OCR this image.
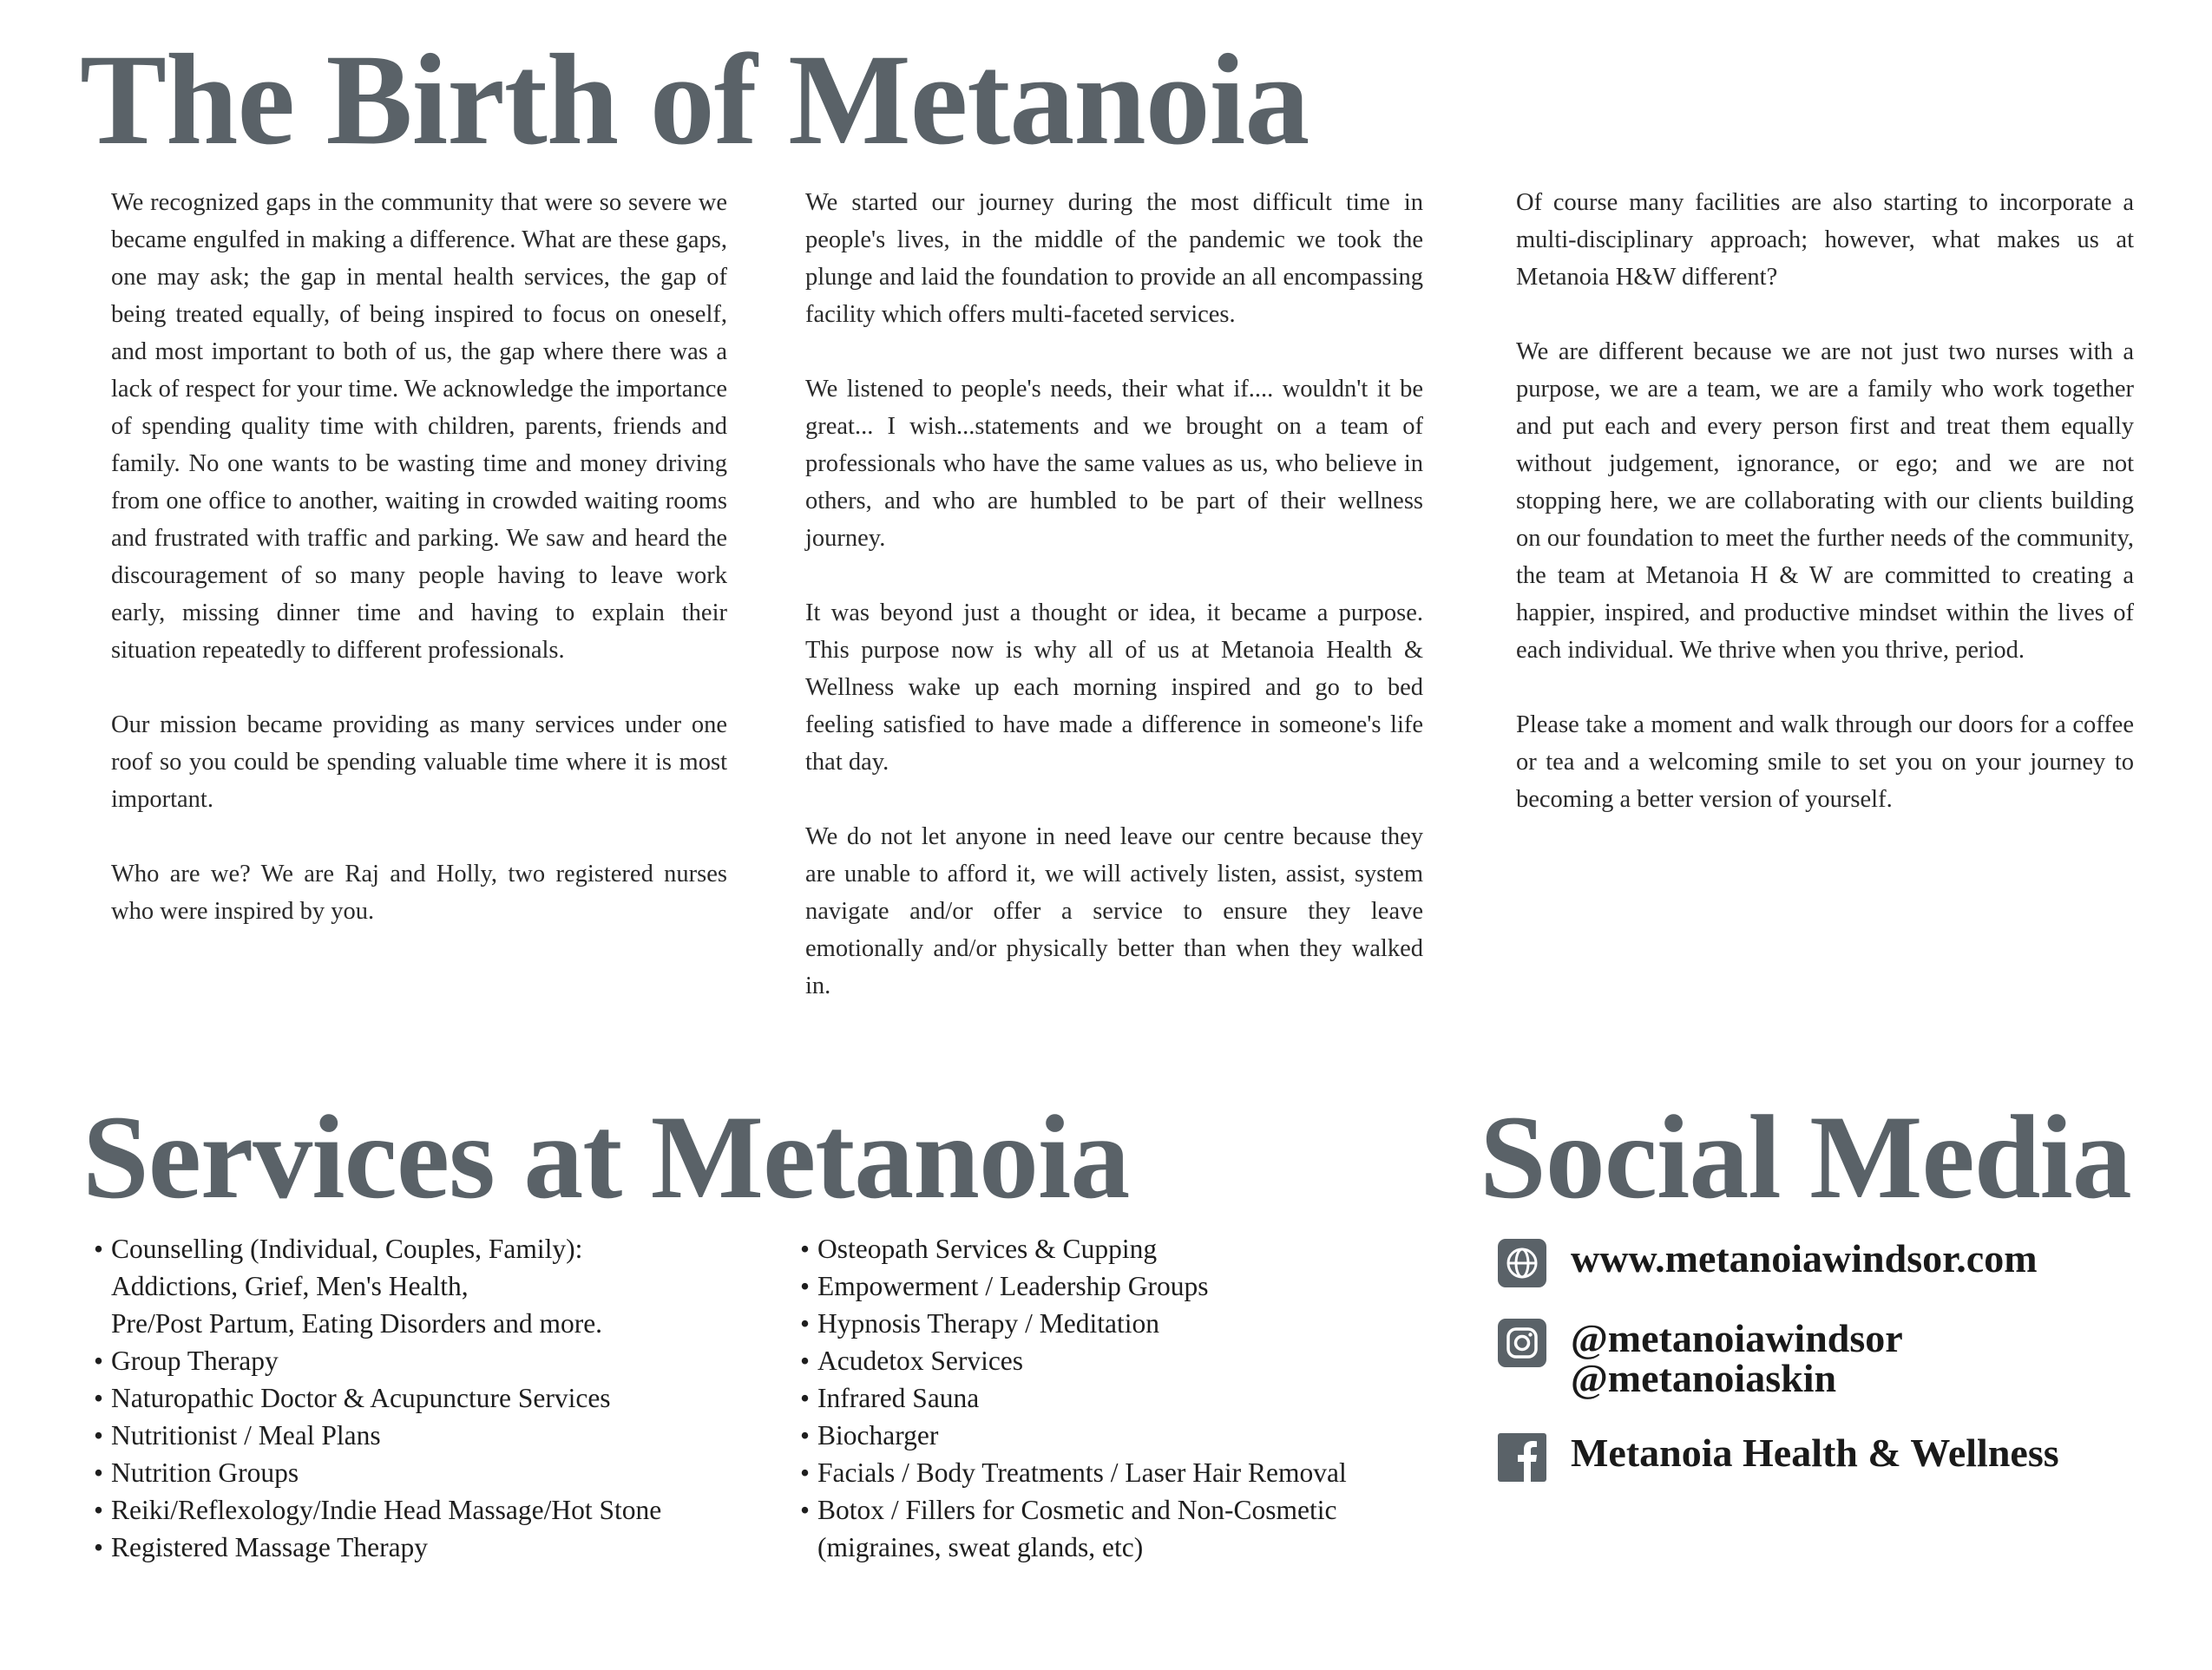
The Birth of Metanoia

We recognized gaps in the community that were so severe we became engulfed in making a difference. What are these gaps, one may ask; the gap in mental health services, the gap of being treated equally, of being inspired to focus on oneself, and most important to both of us, the gap where there was a lack of respect for your time. We acknowledge the importance of spending quality time with children, parents, friends and family. No one wants to be wasting time and money driving from one office to another, waiting in crowded waiting rooms and frustrated with traffic and parking. We saw and heard the discouragement of so many people having to leave work early, missing dinner time and having to explain their situation repeatedly to different professionals.

Our mission became providing as many services under one roof so you could be spending valuable time where it is most important.

Who are we? We are Raj and Holly, two registered nurses who were inspired by you.

We started our journey during the most difficult time in people's lives, in the middle of the pandemic we took the plunge and laid the foundation to provide an all encompassing facility which offers multi-faceted services.

We listened to people's needs, their what if.... wouldn't it be great... I wish...statements and we brought on a team of professionals who have the same values as us, who believe in others, and who are humbled to be part of their wellness journey.

It was beyond just a thought or idea, it became a purpose. This purpose now is why all of us at Metanoia Health & Wellness wake up each morning inspired and go to bed feeling satisfied to have made a difference in someone's life that day.

We do not let anyone in need leave our centre because they are unable to afford it, we will actively listen, assist, system navigate and/or offer a service to ensure they leave emotionally and/or physically better than when they walked in.

Of course many facilities are also starting to incorporate a multi-disciplinary approach; however, what makes us at Metanoia H&W different?

We are different because we are not just two nurses with a purpose, we are a team, we are a family who work together and put each and every person first and treat them equally without judgement, ignorance, or ego; and we are not stopping here, we are collaborating with our clients building on our foundation to meet the further needs of the community, the team at Metanoia H & W are committed to creating a happier, inspired, and productive mindset within the lives of each individual. We thrive when you thrive, period.

Please take a moment and walk through our doors for a coffee or tea and a welcoming smile to set you on your journey to becoming a better version of yourself.

Services at Metanoia
• Counselling (Individual, Couples, Family):
Addictions, Grief, Men's Health,
Pre/Post Partum, Eating Disorders and more.
• Group Therapy
• Naturopathic Doctor & Acupuncture Services
• Nutritionist / Meal Plans
• Nutrition Groups
• Reiki/Reflexology/Indie Head Massage/Hot Stone
• Registered Massage Therapy
• Osteopath Services & Cupping
• Empowerment / Leadership Groups
• Hypnosis Therapy / Meditation
• Acudetox Services
• Infrared Sauna
• Biocharger
• Facials / Body Treatments / Laser Hair Removal
• Botox / Fillers for Cosmetic and Non-Cosmetic
(migraines, sweat glands, etc)
Social Media
www.metanoiawindsor.com
@metanoiawindsor
@metanoiaskin
Metanoia Health & Wellness
